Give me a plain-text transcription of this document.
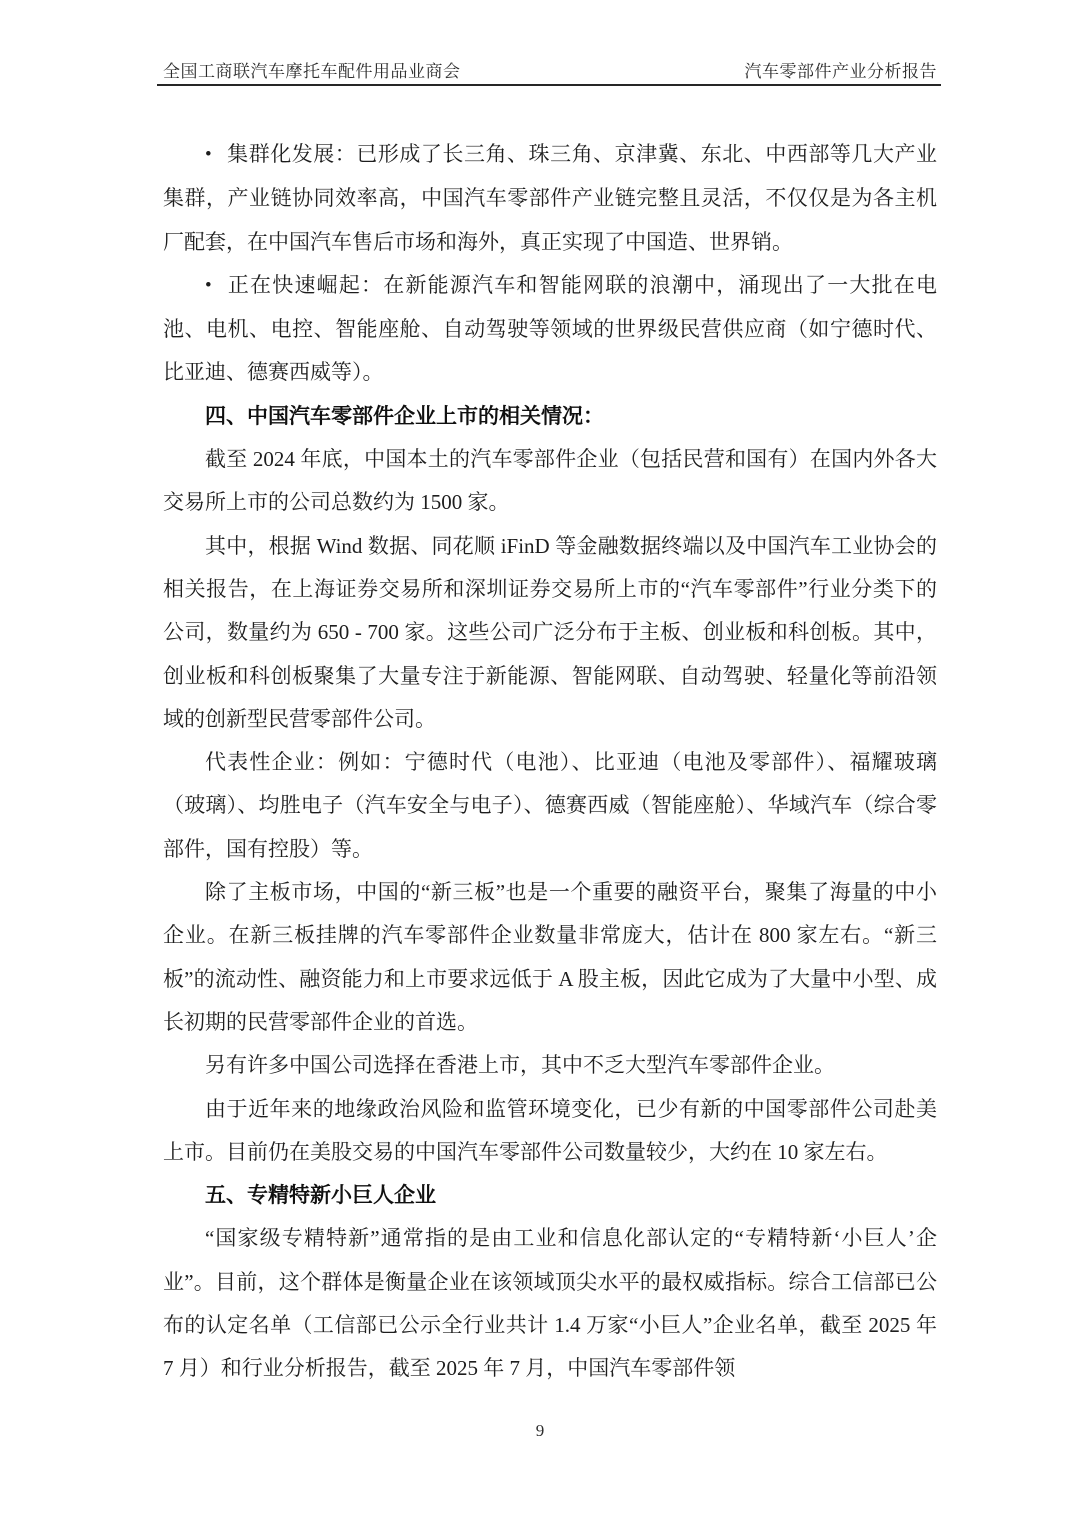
全国工商联汽车摩托车配件用品业商会	汽车零部件产业分析报告

• 集群化发展：已形成了长三角、珠三角、京津冀、东北、中西部等几大产业集群，产业链协同效率高，中国汽车零部件产业链完整且灵活，不仅仅是为各主机厂配套，在中国汽车售后市场和海外，真正实现了中国造、世界销。

• 正在快速崛起：在新能源汽车和智能网联的浪潮中，涌现出了一大批在电池、电机、电控、智能座舱、自动驾驶等领域的世界级民营供应商（如宁德时代、比亚迪、德赛西威等）。

四、中国汽车零部件企业上市的相关情况：

截至 2024 年底，中国本土的汽车零部件企业（包括民营和国有）在国内外各大交易所上市的公司总数约为 1500 家。

其中，根据 Wind 数据、同花顺 iFinD 等金融数据终端以及中国汽车工业协会的相关报告，在上海证券交易所和深圳证券交易所上市的“汽车零部件”行业分类下的公司，数量约为 650 - 700 家。这些公司广泛分布于主板、创业板和科创板。其中，创业板和科创板聚集了大量专注于新能源、智能网联、自动驾驶、轻量化等前沿领域的创新型民营零部件公司。

代表性企业：例如：宁德时代（电池）、比亚迪（电池及零部件）、福耀玻璃（玻璃）、均胜电子（汽车安全与电子）、德赛西威（智能座舱）、华域汽车（综合零部件，国有控股）等。

除了主板市场，中国的“新三板”也是一个重要的融资平台，聚集了海量的中小企业。在新三板挂牌的汽车零部件企业数量非常庞大，估计在 800 家左右。“新三板”的流动性、融资能力和上市要求远低于 A 股主板，因此它成为了大量中小型、成长初期的民营零部件企业的首选。

另有许多中国公司选择在香港上市，其中不乏大型汽车零部件企业。

由于近年来的地缘政治风险和监管环境变化，已少有新的中国零部件公司赴美上市。目前仍在美股交易的中国汽车零部件公司数量较少，大约在 10 家左右。

五、专精特新小巨人企业

“国家级专精特新”通常指的是由工业和信息化部认定的“专精特新‘小巨人’企业”。目前，这个群体是衡量企业在该领域顶尖水平的最权威指标。综合工信部已公布的认定名单（工信部已公示全行业共计 1.4 万家“小巨人”企业名单，截至 2025 年 7 月）和行业分析报告，截至 2025 年 7 月，中国汽车零部件领

9
